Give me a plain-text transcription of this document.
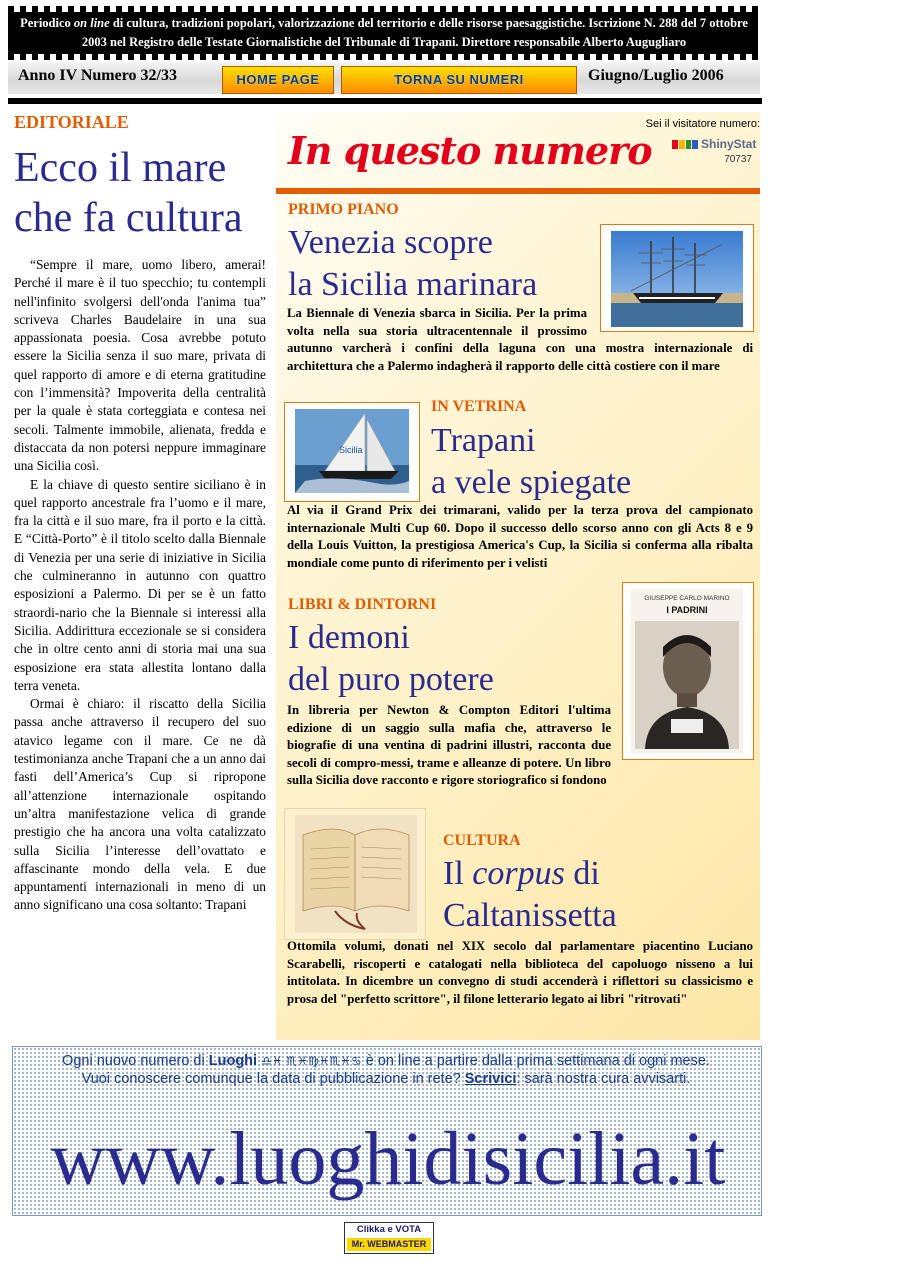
Periodico on line di cultura, tradizioni popolari, valorizzazione del territorio e delle risorse paesaggistiche. Iscrizione N. 288 del 7 ottobre 2003 nel Registro delle Testate Giornalistiche del Tribunale di Trapani. Direttore responsabile Alberto Augugliaro
Anno IV Numero 32/33	HOME PAGE	TORNA SU NUMERI	Giugno/Luglio 2006
EDITORIALE
Ecco il mare che fa cultura

“Sempre il mare, uomo libero, amerai! Perché il mare è il tuo specchio; tu contempli nell'infinito svolgersi dell'onda l'anima tua” scriveva Charles Baudelaire in una sua appassionata poesia. Cosa avrebbe potuto essere la Sicilia senza il suo mare, privata di quel rapporto di amore e di eterna gratitudine con l’immensità? Impoverita della centralità per la quale è stata corteggiata e contesa nei secoli. Talmente immobile, alienata, fredda e distaccata da non potersi neppure immaginare una Sicilia così.

E la chiave di questo sentire siciliano è in quel rapporto ancestrale fra l’uomo e il mare, fra la città e il suo mare, fra il porto e la città. E “Città-Porto” è il titolo scelto dalla Biennale di Venezia per una serie di iniziative in Sicilia che culmineranno in autunno con quattro esposizioni a Palermo. Di per se è un fatto straordi-nario che la Biennale si interessi alla Sicilia. Addirittura eccezionale se si considera che in oltre cento anni di storia mai una sua esposizione era stata allestita lontano dalla terra veneta.

Ormai è chiaro: il riscatto della Sicilia passa anche attraverso il recupero del suo atavico legame con il mare. Ce ne dà testimonianza anche Trapani che a un anno dai fasti dell’America’s Cup si ripropone all’attenzione internazionale ospitando un’altra manifestazione velica di grande prestigio che ha ancora una volta catalizzato sulla Sicilia l’interesse dell’ovattato e affascinante mondo della vela. E due appuntamenti internazionali in meno di un anno significano una cosa soltanto: Trapani

In questo numero
Sei il visitatore numero:
ShinyStat
70737
PRIMO PIANO
Venezia scopre
la Sicilia marinara
La Biennale di Venezia sbarca in Sicilia. Per la prima volta nella sua storia ultracentennale il prossimo autunno varcherà i confini della laguna con una mostra internazionale di architettura che a Palermo indagherà il rapporto delle città costiere con il mare
Sicilia
IN VETRINA
Trapani
a vele spiegate
Al via il Grand Prix dei trimarani, valido per la terza prova del campionato internazionale Multi Cup 60. Dopo il successo dello scorso anno con gli Acts 8 e 9 della Louis Vuitton, la prestigiosa America's Cup, la Sicilia si conferma alla ribalta mondiale come punto di riferimento per i velisti
LIBRI & DINTORNI
I demoni
del puro potere
GIUSEPPE CARLO MARINO
I PADRINI
In libreria per Newton & Compton Editori l'ultima edizione di un saggio sulla mafia che, attraverso le biografie di una ventina di padrini illustri, racconta due secoli di compro-messi, trame e alleanze di potere. Un libro sulla Sicilia dove racconto e rigore storiografico si fondono
CULTURA
Il corpus di
Caltanissetta
Ottomila volumi, donati nel XIX secolo dal parlamentare piacentino Luciano Scarabelli, riscoperti e catalogati nella biblioteca del capoluogo nisseno a lui intitolata. In dicembre un convegno di studi accenderà i riflettori su classicismo e prosa del "perfetto scrittore", il filone letterario legato ai libri "ritrovati"
Ogni nuovo numero di Luoghi ♎♓ ♏♓♍♓♏♓♋ è on line a partire dalla prima settimana di ogni mese.
Vuoi conoscere comunque la data di pubblicazione in rete? Scrivici: sarà nostra cura avvisarti.
www.luoghidisicilia.it
Clikka e VOTA
Mr. WEBMASTER
